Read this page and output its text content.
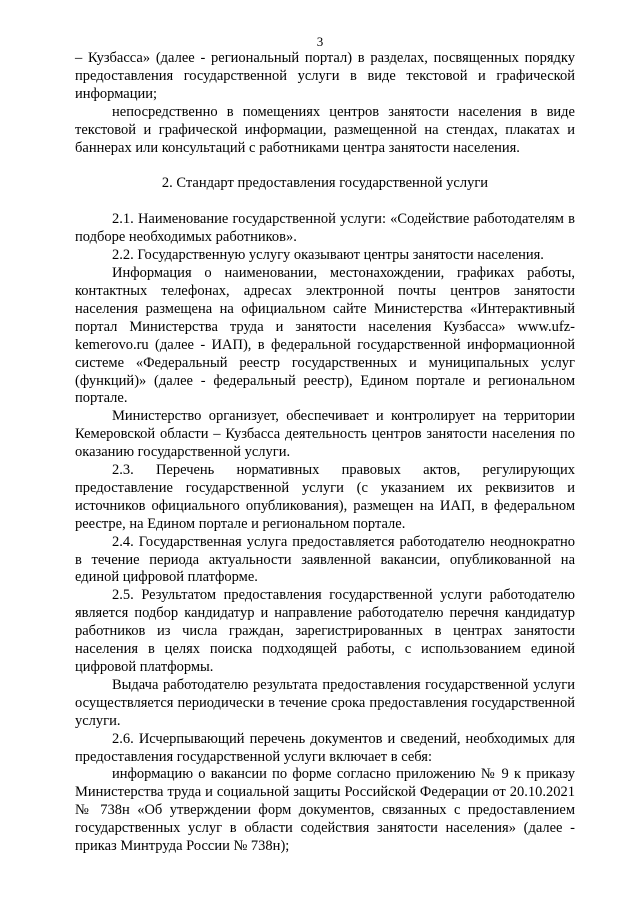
3

– Кузбасса» (далее - региональный портал) в разделах, посвященных порядку предоставления государственной услуги в виде текстовой и графической информации;

непосредственно в помещениях центров занятости населения в виде текстовой и графической информации, размещенной на стендах, плакатах и баннерах или консультаций с работниками центра занятости населения.

2. Стандарт предоставления государственной услуги

2.1. Наименование государственной услуги: «Содействие работодателям в подборе необходимых работников».

2.2. Государственную услугу оказывают центры занятости населения.

Информация о наименовании, местонахождении, графиках работы, контактных телефонах, адресах электронной почты центров занятости населения размещена на официальном сайте Министерства «Интерактивный портал Министерства труда и занятости населения Кузбасса» www.ufz-kemerovo.ru (далее - ИАП), в федеральной государственной информационной системе «Федеральный реестр государственных и муниципальных услуг (функций)» (далее - федеральный реестр), Едином портале и региональном портале.

Министерство организует, обеспечивает и контролирует на территории Кемеровской области – Кузбасса деятельность центров занятости населения по оказанию государственной услуги.

2.3. Перечень нормативных правовых актов, регулирующих предоставление государственной услуги (с указанием их реквизитов и источников официального опубликования), размещен на ИАП, в федеральном реестре, на Едином портале и региональном портале.

2.4. Государственная услуга предоставляется работодателю неоднократно в течение периода актуальности заявленной вакансии, опубликованной на единой цифровой платформе.

2.5. Результатом предоставления государственной услуги работодателю является подбор кандидатур и направление работодателю перечня кандидатур работников из числа граждан, зарегистрированных в центрах занятости населения в целях поиска подходящей работы, с использованием единой цифровой платформы.

Выдача работодателю результата предоставления государственной услуги осуществляется периодически в течение срока предоставления государственной услуги.

2.6. Исчерпывающий перечень документов и сведений, необходимых для предоставления государственной услуги включает в себя:

информацию о вакансии по форме согласно приложению № 9 к приказу Министерства труда и социальной защиты Российской Федерации от 20.10.2021 № 738н «Об утверждении форм документов, связанных с предоставлением государственных услуг в области содействия занятости населения» (далее - приказ Минтруда России № 738н);
